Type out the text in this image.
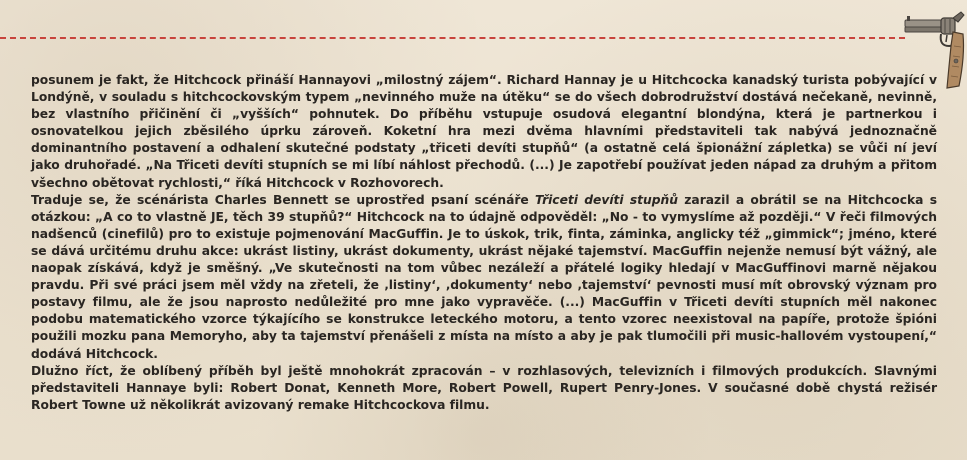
posunem je fakt, že Hitchcock přináší Hannayovi „milostný zájem“. Richard Hannay je u Hitchcocka kanadský turista pobývající v Londýně, v souladu s hitchcockovským typem „nevinného muže na útěku“ se do všech dobrodružství dostává nečekaně, nevinně, bez vlastního přičinění či „vyšších“ pohnutek. Do příběhu vstupuje osudová elegantní blondýna, která je partnerkou i osnovatelkou jejich zběsilého úprku zároveň. Koketní hra mezi dvěma hlavními představiteli tak nabývá jednoznačně dominantního postavení a odhalení skutečné podstaty „třiceti devíti stupňů“ (a ostatně celá špionážní zápletka) se vůči ní jeví jako druhořadé. „Na Třiceti devíti stupních se mi líbí náhlost přechodů. (...) Je zapotřebí používat jeden nápad za druhým a přitom všechno obětovat rychlosti,“ říká Hitchcock v Rozhovorech.

Traduje se, že scénárista Charles Bennett se uprostřed psaní scénáře Třiceti devíti stupňů zarazil a obrátil se na Hitchcocka s otázkou: „A co to vlastně JE, těch 39 stupňů?“ Hitchcock na to údajně odpověděl: „No - to vymyslíme až později.“ V řeči filmových nadšenců (cinefilů) pro to existuje pojmenování MacGuffin. Je to úskok, trik, finta, záminka, anglicky též „gimmick“; jméno, které se dává určitému druhu akce: ukrást listiny, ukrást dokumenty, ukrást nějaké tajemství. MacGuffin nejenže nemusí být vážný, ale naopak získává, když je směšný. „Ve skutečnosti na tom vůbec nezáleží a přátelé logiky hledají v MacGuffinovi marně nějakou pravdu. Při své práci jsem měl vždy na zřeteli, že ‚listiny‘, ‚dokumenty‘ nebo ‚tajemství‘ pevnosti musí mít obrovský význam pro postavy filmu, ale že jsou naprosto nedůležité pro mne jako vypravěče. (...) MacGuffin v Třiceti devíti stupních měl nakonec podobu matematického vzorce týkajícího se konstrukce leteckého motoru, a tento vzorec neexistoval na papíře, protože špióni použili mozku pana Memoryho, aby ta tajemství přenášeli z místa na místo a aby je pak tlumočili při music-hallovém vystoupení,“ dodává Hitchcock.

Dlužno říct, že oblíbený příběh byl ještě mnohokrát zpracován – v rozhlasových, televizních i filmových produkcích. Slavnými představiteli Hannaye byli: Robert Donat, Kenneth More, Robert Powell, Rupert Penry-Jones. V současné době chystá režisér Robert Towne už několikrát avizovaný remake Hitchcockova filmu.
